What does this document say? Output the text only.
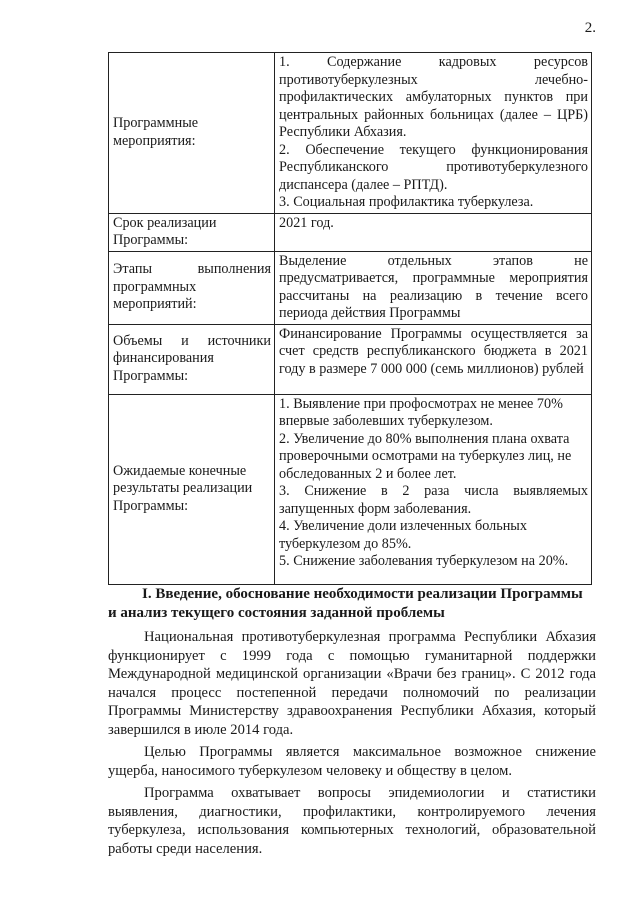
2.
Программные мероприятия:	1. Содержание кадровых ресурсов противотуберкулезных лечебно-профилактических амбулаторных пунктов при центральных районных больницах (далее – ЦРБ) Республики Абхазия.
2. Обеспечение текущего функционирования Республиканского противотуберкулезного диспансера (далее – РПТД).
3. Социальная профилактика туберкулеза.

Срок реализации Программы:	2021 год.

Этапы выполнения программных мероприятий:	Выделение отдельных этапов не предусматривается, программные мероприятия рассчитаны на реализацию в течение всего периода действия Программы

Объемы и источники финансирования Программы:	Финансирование Программы осуществляется за счет средств республиканского бюджета в 2021 году в размере 7 000 000 (семь миллионов) рублей

Ожидаемые конечные результаты реализации Программы:	1. Выявление при профосмотрах не менее 70% впервые заболевших туберкулезом.
2. Увеличение до 80% выполнения плана охвата проверочными осмотрами на туберкулез лиц, не обследованных 2 и более лет.
3. Снижение в 2 раза числа выявляемых запущенных форм заболевания.
4. Увеличение доли излеченных больных туберкулезом до 85%.
5. Снижение заболевания туберкулезом на 20%.
I. Введение, обоснование необходимости реализации Программы
и анализ текущего состояния заданной проблемы

Национальная противотуберкулезная программа Республики Абхазия функционирует с 1999 года с помощью гуманитарной поддержки Международной медицинской организации «Врачи без границ». С 2012 года начался процесс постепенной передачи полномочий по реализации Программы Министерству здравоохранения Республики Абхазия, который завершился в июле 2014 года.

Целью Программы является максимальное возможное снижение ущерба, наносимого туберкулезом человеку и обществу в целом.

Программа охватывает вопросы эпидемиологии и статистики выявления, диагностики, профилактики, контролируемого лечения туберкулеза, использования компьютерных технологий, образовательной работы среди населения.
